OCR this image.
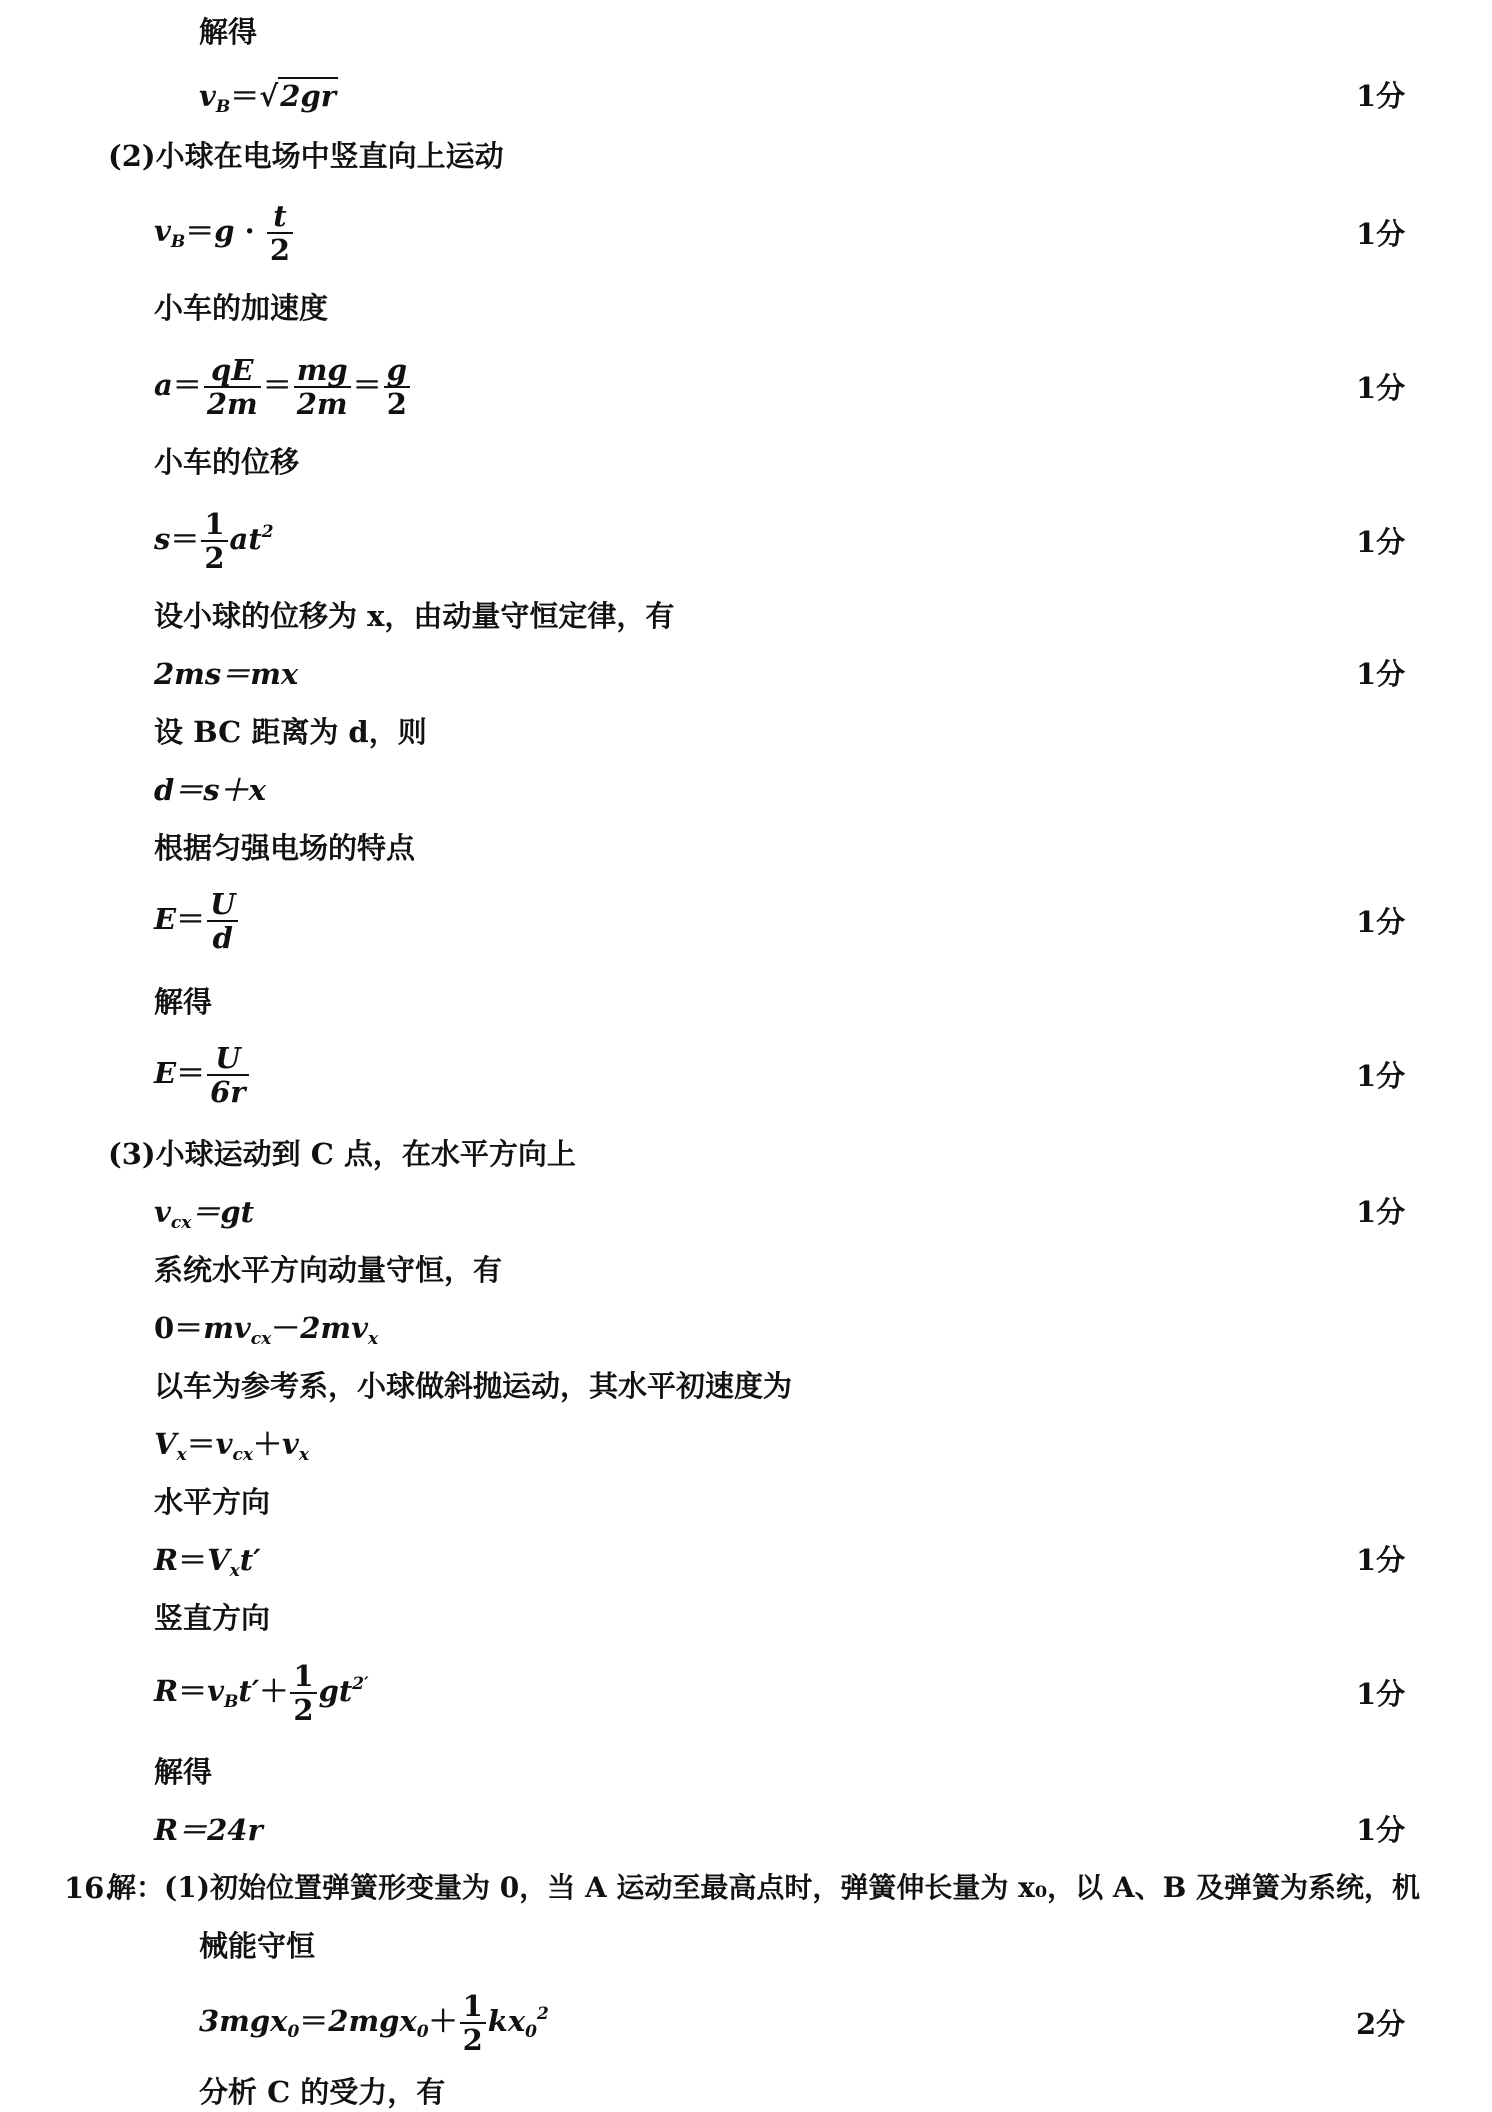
解得
$v_B=√2gr$	1分
(2)小球在电场中竖直向上运动
$v_B=g \cdot \frac{t}{2}$	1分
小车的加速度
$a= \frac{qE}{2m} = \frac{mg}{2m} = \frac{g}{2}$	1分
小车的位移
$s= \frac{1}{2} at^2$	1分
设小球的位移为 x，由动量守恒定律，有
2ms＝mx	1分
设 BC 距离为 d，则
d＝s＋x
根据匀强电场的特点
$E= \frac{U}{d}$	1分
解得
$E= \frac{U}{6r}$	1分
(3)小球运动到 C 点，在水平方向上
$v_{cx}=gt$	1分
系统水平方向动量守恒，有
$0=mv_{cx}-2mv_x$
以车为参考系，小球做斜抛运动，其水平初速度为
$V_x=v_{cx}+v_x$
水平方向
$R=V_xt'$	1分
竖直方向
$R=v_Bt'+ \frac{1}{2} gt^{2'}$	1分
解得
R＝24r	1分
16.
解：(1)初始位置弹簧形变量为 0，当 A 运动至最高点时，弹簧伸长量为 x₀，以 A、B 及弹簧为系统，机
械能守恒
$3mgx_0=2mgx_0+ \frac{1}{2} kx_0^2$	2分
分析 C 的受力，有
